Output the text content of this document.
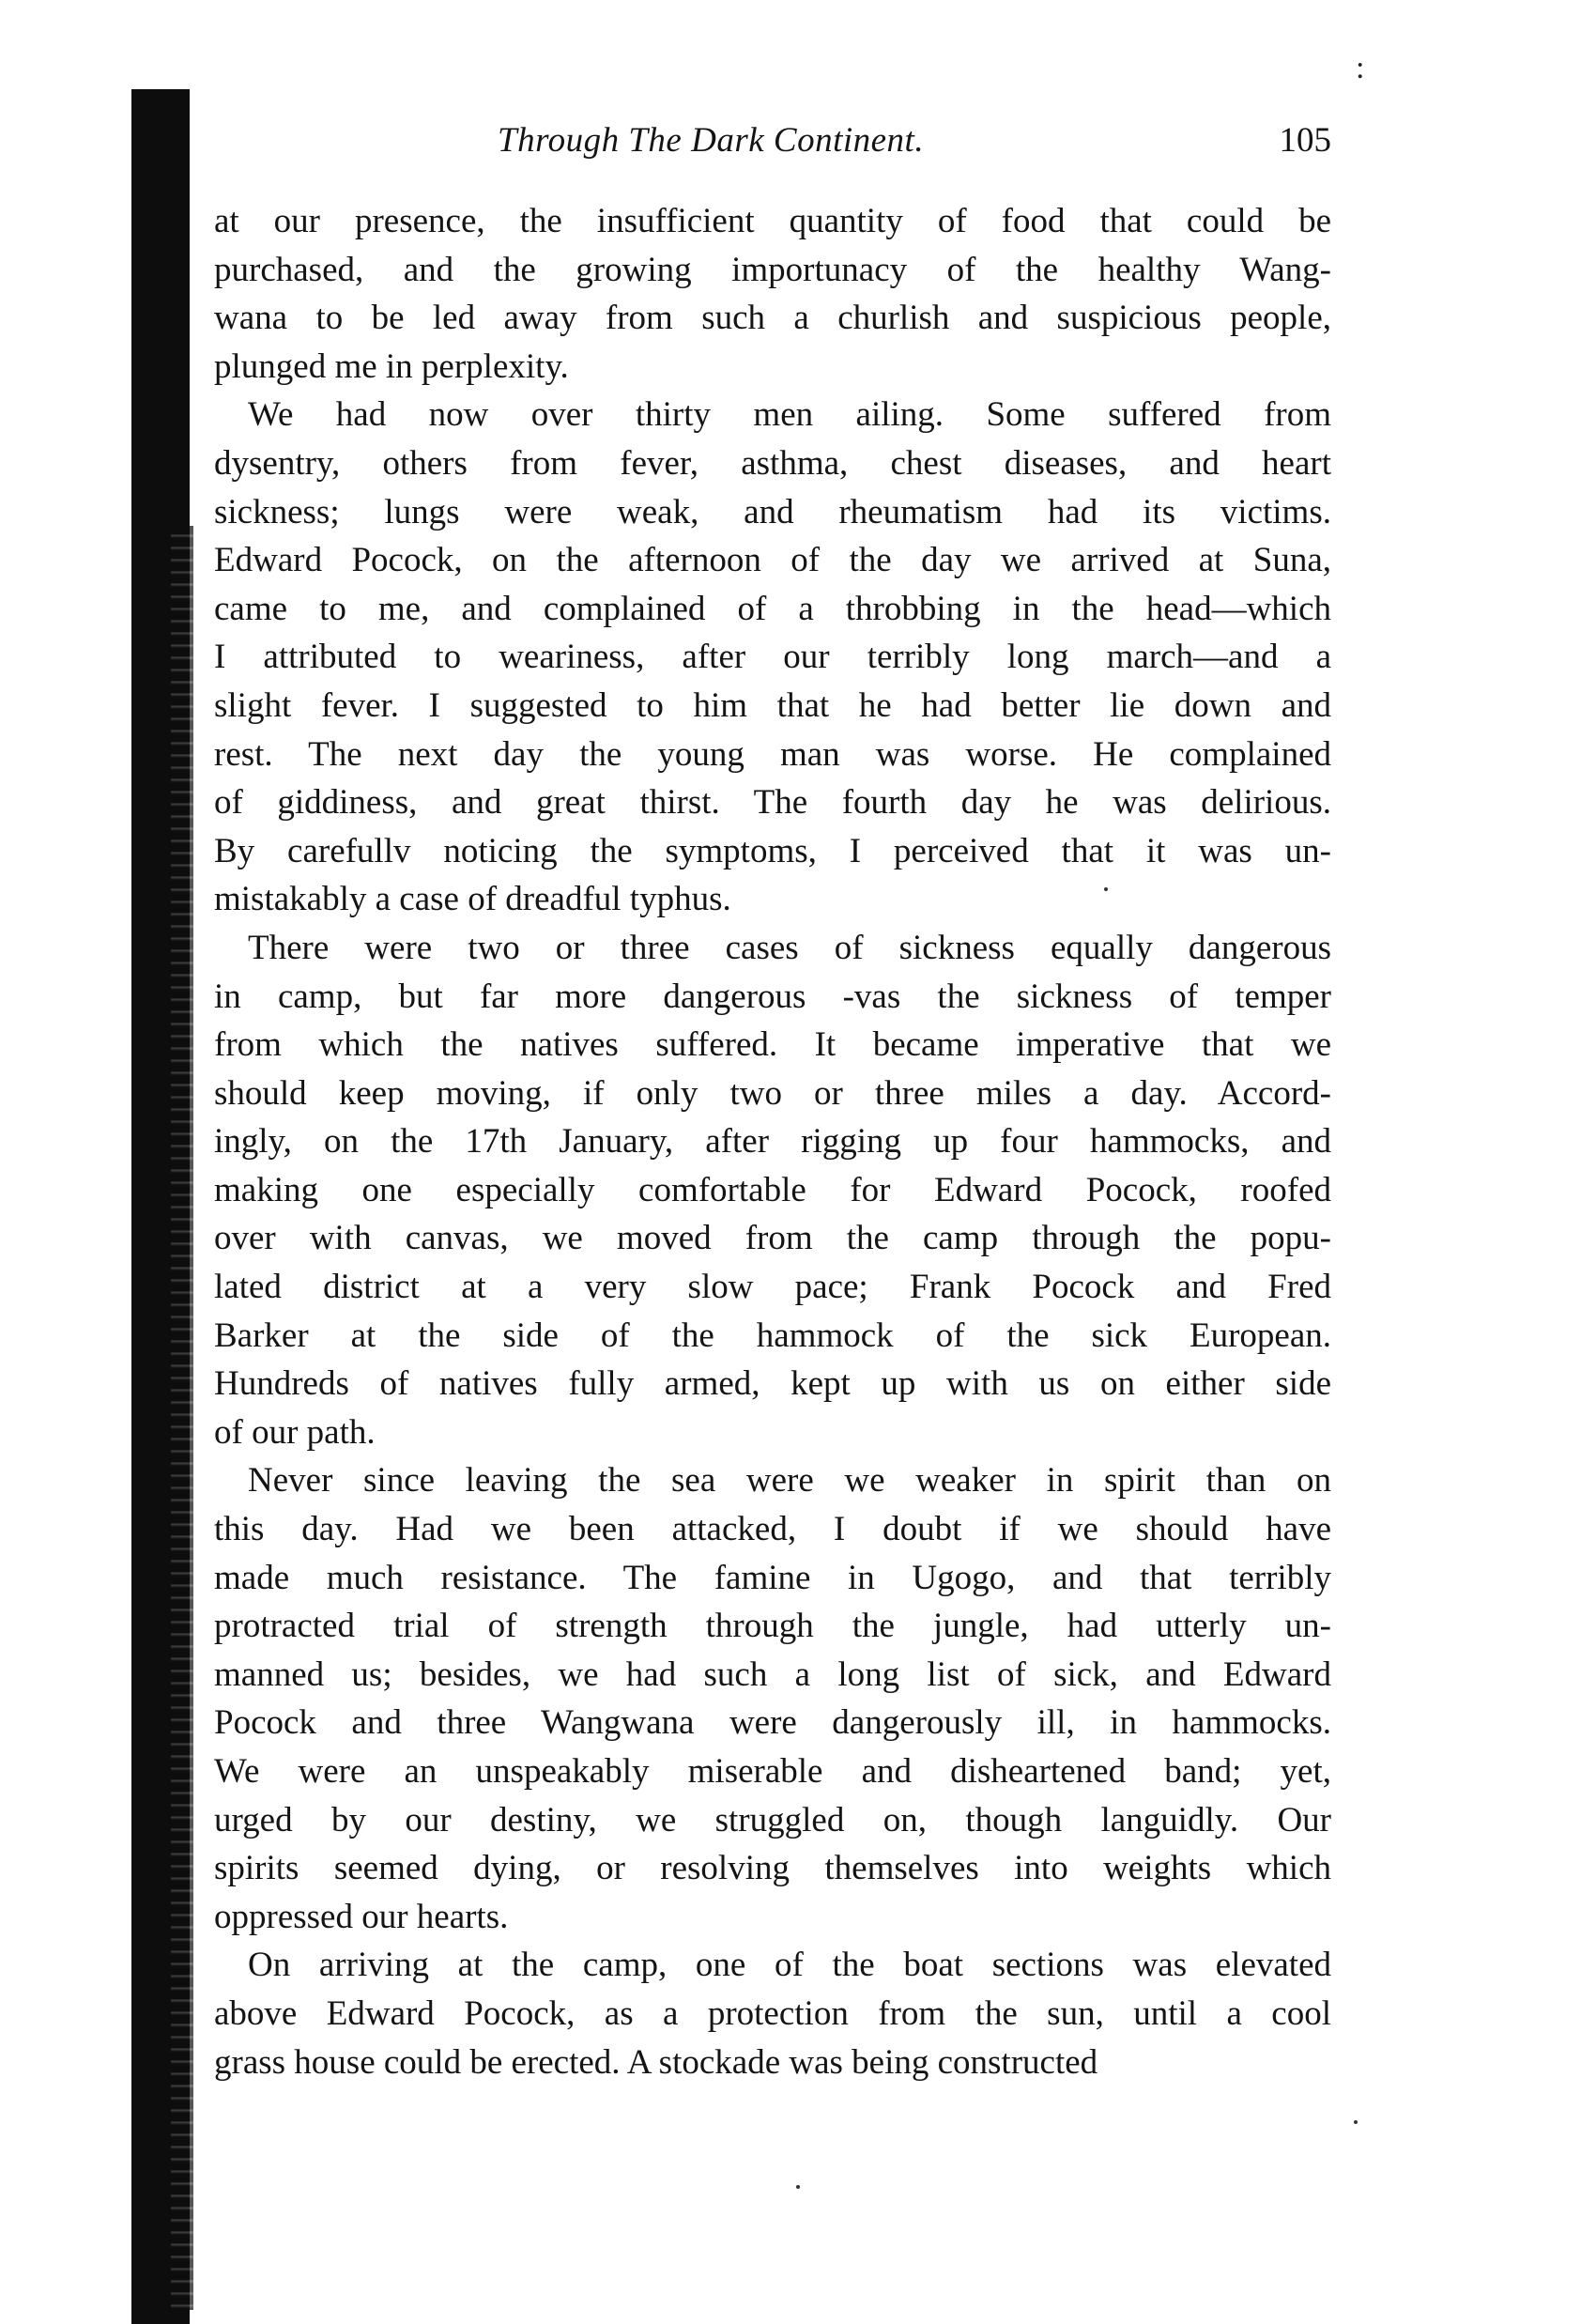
:
Through The Dark Continent.	105
at our presence, the insufficient quantity of food that could be
purchased, and the growing importunacy of the healthy Wang-
wana to be led away from such a churlish and suspicious people,
plunged me in perplexity.
We had now over thirty men ailing. Some suffered from
dysentry, others from fever, asthma, chest diseases, and heart
sickness; lungs were weak, and rheumatism had its victims.
Edward Pocock, on the afternoon of the day we arrived at Suna,
came to me, and complained of a throbbing in the head—which
I attributed to weariness, after our terribly long march—and a
slight fever. I suggested to him that he had better lie down and
rest. The next day the young man was worse. He complained
of giddiness, and great thirst. The fourth day he was delirious.
By carefullv noticing the symptoms, I perceived that it was un-
mistakably a case of dreadful typhus.
There were two or three cases of sickness equally dangerous
in camp, but far more dangerous -vas the sickness of temper
from which the natives suffered. It became imperative that we
should keep moving, if only two or three miles a day. Accord-
ingly, on the 17th January, after rigging up four hammocks, and
making one especially comfortable for Edward Pocock, roofed
over with canvas, we moved from the camp through the popu-
lated district at a very slow pace; Frank Pocock and Fred
Barker at the side of the hammock of the sick European.
Hundreds of natives fully armed, kept up with us on either side
of our path.
Never since leaving the sea were we weaker in spirit than on
this day. Had we been attacked, I doubt if we should have
made much resistance. The famine in Ugogo, and that terribly
protracted trial of strength through the jungle, had utterly un-
manned us; besides, we had such a long list of sick, and Edward
Pocock and three Wangwana were dangerously ill, in hammocks.
We were an unspeakably miserable and disheartened band; yet,
urged by our destiny, we struggled on, though languidly. Our
spirits seemed dying, or resolving themselves into weights which
oppressed our hearts.
On arriving at the camp, one of the boat sections was elevated
above Edward Pocock, as a protection from the sun, until a cool
grass house could be erected. A stockade was being constructed
